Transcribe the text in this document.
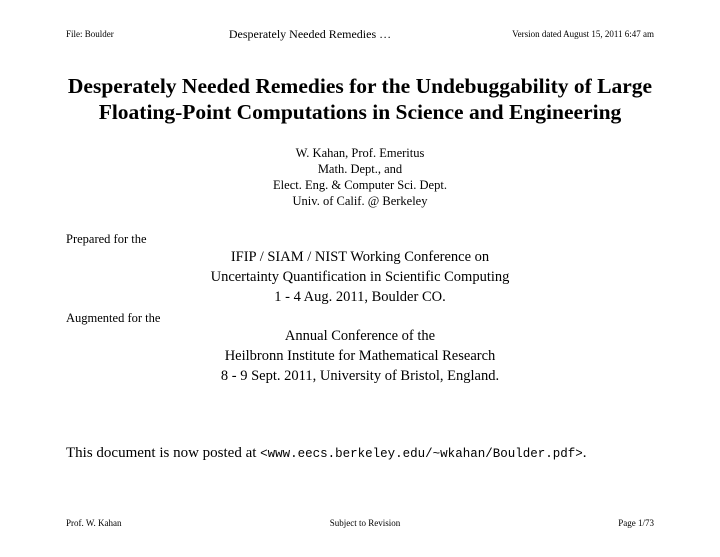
File: Boulder	Desperately Needed Remedies …	Version dated August 15, 2011 6:47 am
Desperately Needed Remedies for the Undebuggability of Large
Floating-Point Computations in Science and Engineering
W. Kahan, Prof. Emeritus
Math. Dept., and
Elect. Eng. & Computer Sci. Dept.
Univ. of Calif. @ Berkeley
Prepared for the
IFIP / SIAM / NIST Working Conference on
Uncertainty Quantification in Scientific Computing
1 - 4 Aug. 2011, Boulder CO.
Augmented for the
Annual Conference of the
Heilbronn Institute for Mathematical Research
8 - 9 Sept. 2011, University of Bristol, England.
This document is now posted at <www.eecs.berkeley.edu/~wkahan/Boulder.pdf>.
Prof. W. Kahan	Subject to Revision	Page 1/73
